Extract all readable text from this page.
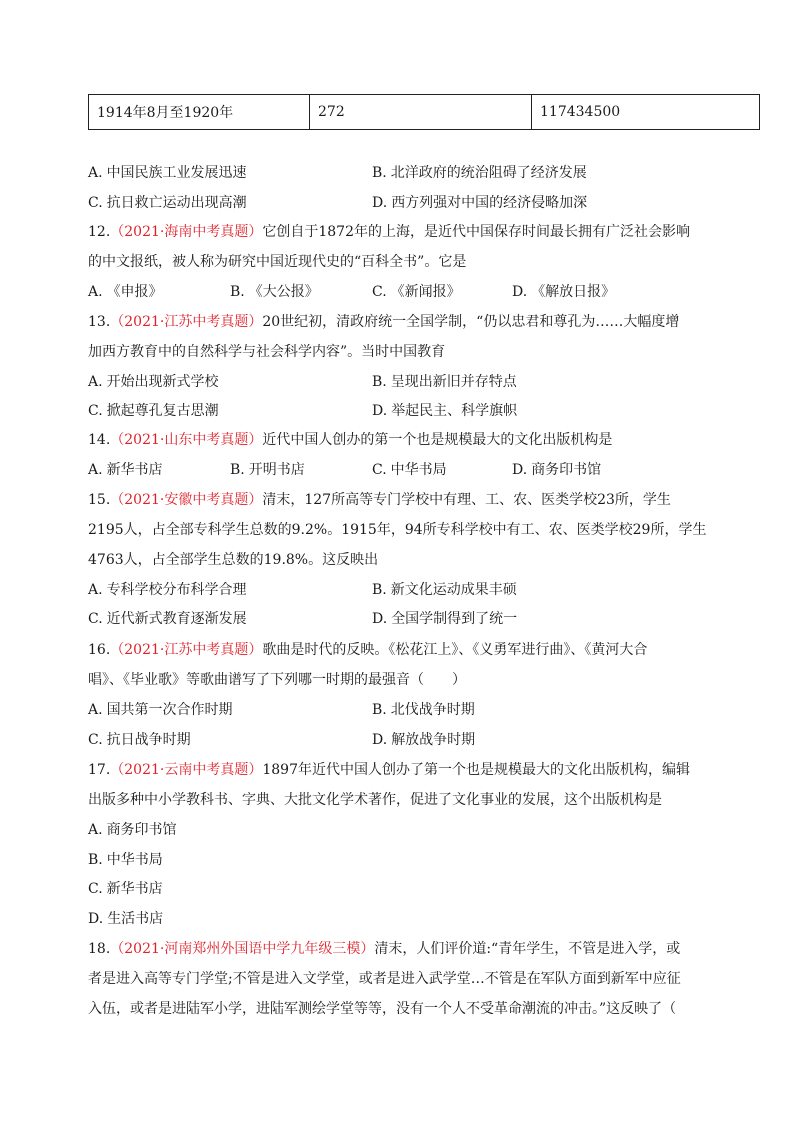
1914年8月至1920年	272	117434500
A. 中国民族工业发展迅速	B. 北洋政府的统治阻碍了经济发展
C. 抗日救亡运动出现高潮	D. 西方列强对中国的经济侵略加深
12.（2021·海南中考真题）它创自于1872年的上海，是近代中国保存时间最长拥有广泛社会影响
的中文报纸，被人称为研究中国近现代史的“百科全书”。它是
A. 《申报》	B. 《大公报》	C. 《新闻报》	D. 《解放日报》
13.（2021·江苏中考真题）20世纪初，清政府统一全国学制，“仍以忠君和尊孔为……大幅度增
加西方教育中的自然科学与社会科学内容”。当时中国教育
A. 开始出现新式学校	B. 呈现出新旧并存特点
C. 掀起尊孔复古思潮	D. 举起民主、科学旗帜
14.（2021·山东中考真题）近代中国人创办的第一个也是规模最大的文化出版机构是
A. 新华书店	B. 开明书店	C. 中华书局	D. 商务印书馆
15.（2021·安徽中考真题）清末，127所高等专门学校中有理、工、农、医类学校23所，学生
2195人，占全部专科学生总数的9.2%。1915年，94所专科学校中有工、农、医类学校29所，学生
4763人，占全部学生总数的19.8%。这反映出
A. 专科学校分布科学合理	B. 新文化运动成果丰硕
C. 近代新式教育逐渐发展	D. 全国学制得到了统一
16.（2021·江苏中考真题）歌曲是时代的反映。《松花江上》、《义勇军进行曲》、《黄河大合
唱》、《毕业歌》等歌曲谱写了下列哪一时期的最强音（　　）
A. 国共第一次合作时期	B. 北伐战争时期
C. 抗日战争时期	D. 解放战争时期
17.（2021·云南中考真题）1897年近代中国人创办了第一个也是规模最大的文化出版机构，编辑
出版多种中小学教科书、字典、大批文化学术著作，促进了文化事业的发展，这个出版机构是
A. 商务印书馆
B. 中华书局
C. 新华书店
D. 生活书店
18.（2021·河南郑州外国语中学九年级三模）清末，人们评价道:“青年学生，不管是进入学，或
者是进入高等专门学堂;不管是进入文学堂，或者是进入武学堂…不管是在军队方面到新军中应征
入伍，或者是进陆军小学，进陆军测绘学堂等等，没有一个人不受革命潮流的冲击。”这反映了（
